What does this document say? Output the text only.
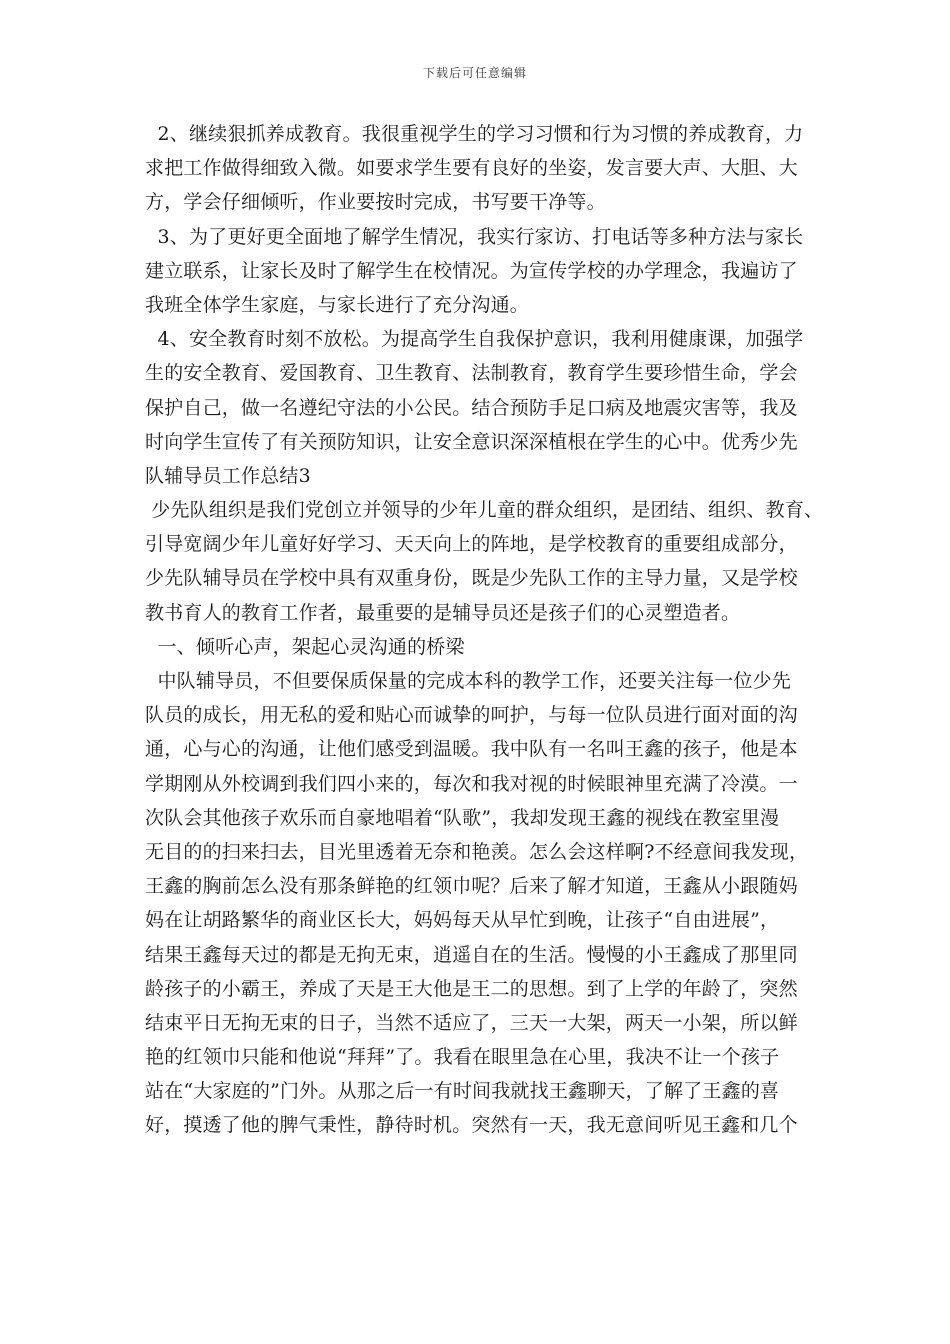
下载后可任意编辑
2、继续狠抓养成教育。我很重视学生的学习习惯和行为习惯的养成教育，力
求把工作做得细致入微。如要求学生要有良好的坐姿，发言要大声、大胆、大
方，学会仔细倾听，作业要按时完成，书写要干净等。
3、为了更好更全面地了解学生情况，我实行家访、打电话等多种方法与家长
建立联系，让家长及时了解学生在校情况。为宣传学校的办学理念，我遍访了
我班全体学生家庭，与家长进行了充分沟通。
4、安全教育时刻不放松。为提高学生自我保护意识，我利用健康课，加强学
生的安全教育、爱国教育、卫生教育、法制教育，教育学生要珍惜生命，学会
保护自己，做一名遵纪守法的小公民。结合预防手足口病及地震灾害等，我及
时向学生宣传了有关预防知识，让安全意识深深植根在学生的心中。优秀少先
队辅导员工作总结3
少先队组织是我们党创立并领导的少年儿童的群众组织，是团结、组织、教育、
引导宽阔少年儿童好好学习、天天向上的阵地，是学校教育的重要组成部分，
少先队辅导员在学校中具有双重身份，既是少先队工作的主导力量，又是学校
教书育人的教育工作者，最重要的是辅导员还是孩子们的心灵塑造者。
一、倾听心声，架起心灵沟通的桥梁
中队辅导员，不但要保质保量的完成本科的教学工作，还要关注每一位少先
队员的成长，用无私的爱和贴心而诚挚的呵护，与每一位队员进行面对面的沟
通，心与心的沟通，让他们感受到温暖。我中队有一名叫王鑫的孩子，他是本
学期刚从外校调到我们四小来的，每次和我对视的时候眼神里充满了冷漠。一
次队会其他孩子欢乐而自豪地唱着“队歌”，我却发现王鑫的视线在教室里漫
无目的的扫来扫去，目光里透着无奈和艳羡。怎么会这样啊?不经意间我发现，
王鑫的胸前怎么没有那条鲜艳的红领巾呢？后来了解才知道，王鑫从小跟随妈
妈在让胡路繁华的商业区长大，妈妈每天从早忙到晚，让孩子“自由进展”，
结果王鑫每天过的都是无拘无束，逍遥自在的生活。慢慢的小王鑫成了那里同
龄孩子的小霸王，养成了天是王大他是王二的思想。到了上学的年龄了，突然
结束平日无拘无束的日子，当然不适应了，三天一大架，两天一小架，所以鲜
艳的红领巾只能和他说“拜拜”了。我看在眼里急在心里，我决不让一个孩子
站在“大家庭的”门外。从那之后一有时间我就找王鑫聊天，了解了王鑫的喜
好，摸透了他的脾气秉性，静待时机。突然有一天，我无意间听见王鑫和几个
